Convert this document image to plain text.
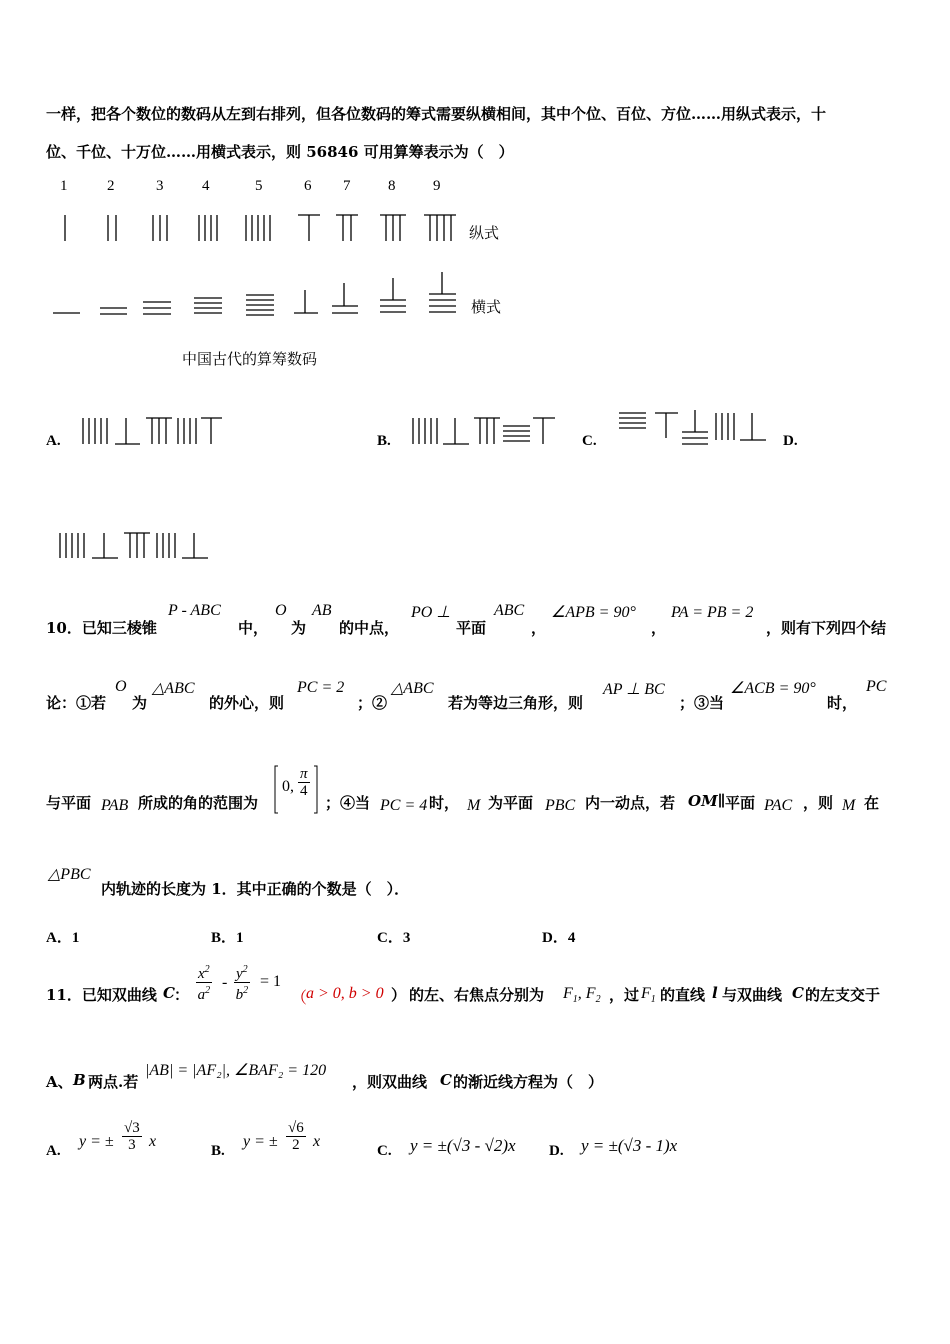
一样，把各个数位的数码从左到右排列，但各位数码的筹式需要纵横相间，其中个位、百位、方位……用纵式表示，十
位、千位、十万位……用横式表示，则 56846 可用算筹表示为（　）
1	2	3	4	5	6 7	8	9
纵式
横式
中国古代的算筹数码
A.	B.	C.	D.
10．已知三棱锥
P - ABC
中，
O
为
AB
的中点，
PO ⊥
平面
ABC
，
∠APB = 90°
，
PA = PB = 2
，则有下列四个结
论：①若
O
为
△ABC
的外心，则
PC = 2
；②
△ABC
若为等边三角形，则
AP ⊥ BC
；③当
∠ACB = 90°
时，
PC
与平面 PAB 所成的角的范围为
0, $\frac{\pi}{4}$
；④当 PC = 4 时， M 为平面 PBC 内一动点，若 OM∥ 平面 PAC ，则 M 在
△PBC
内轨迹的长度为 1．其中正确的个数是（　）．
A．1	B．1	C．3	D．4
11．已知双曲线 C ： $\frac{x^2}{a^2} - \frac{y^2}{b^2} = 1$
（
a > 0, b > 0 ） 的左、右焦点分别为 $F_1$, $F_2$ ，过 $F_1$ 的直线 l 与双曲线 C 的左支交于
A、 B 两点.若
|AB| = |AF₂|, ∠BAF₂ = 120
，则双曲线 C 的渐近线方程为（　）
A.
y = ± $\frac{√3}{3}$ x
B.
y = ± $\frac{√6}{2}$ x
C. y = ±(√3 - √2)x D. y = ±(√3 - 1)x
